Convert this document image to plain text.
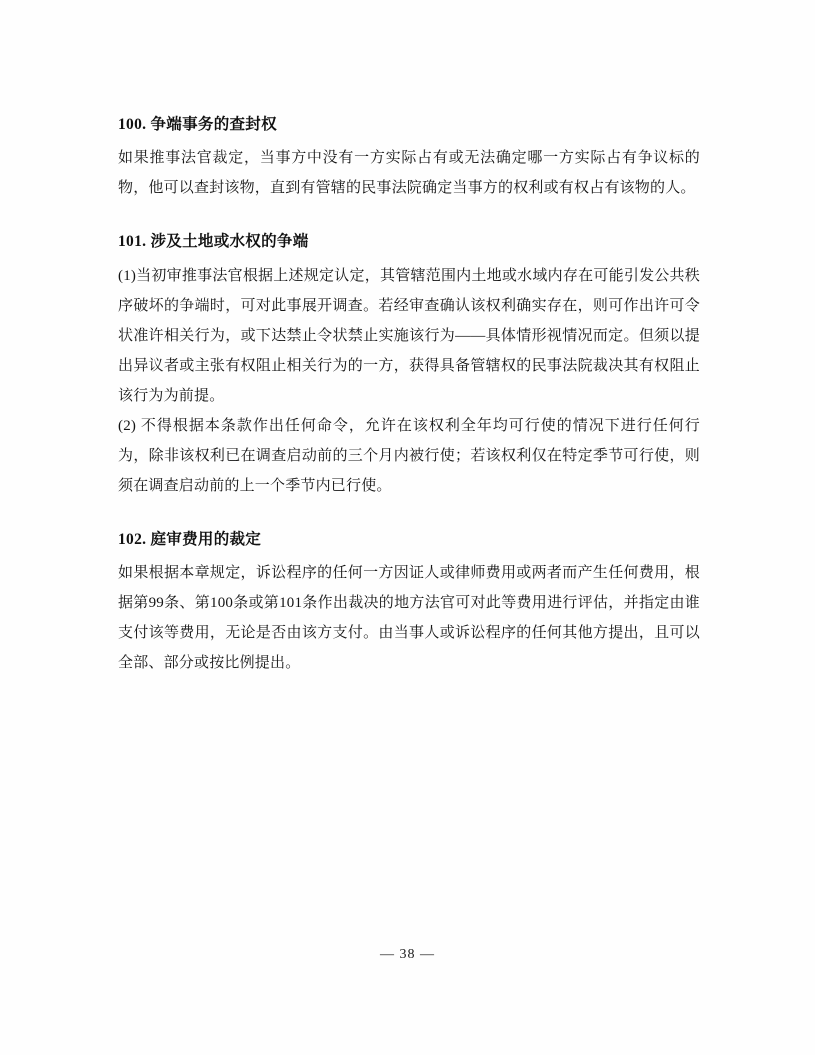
100. 争端事务的查封权

如果推事法官裁定，当事方中没有一方实际占有或无法确定哪一方实际占有争议标的物，他可以查封该物，直到有管辖的民事法院确定当事方的权利或有权占有该物的人。

101. 涉及土地或水权的争端

(1)当初审推事法官根据上述规定认定，其管辖范围内土地或水域内存在可能引发公共秩序破坏的争端时，可对此事展开调查。若经审查确认该权利确实存在，则可作出许可令状准许相关行为，或下达禁止令状禁止实施该行为——具体情形视情况而定。但须以提出异议者或主张有权阻止相关行为的一方，获得具备管辖权的民事法院裁决其有权阻止该行为为前提。

(2) 不得根据本条款作出任何命令，允许在该权利全年均可行使的情况下进行任何行为，除非该权利已在调查启动前的三个月内被行使；若该权利仅在特定季节可行使，则须在调查启动前的上一个季节内已行使。

102. 庭审费用的裁定

如果根据本章规定，诉讼程序的任何一方因证人或律师费用或两者而产生任何费用，根据第99条、第100条或第101条作出裁决的地方法官可对此等费用进行评估，并指定由谁支付该等费用，无论是否由该方支付。由当事人或诉讼程序的任何其他方提出，且可以全部、部分或按比例提出。

— 38 —
